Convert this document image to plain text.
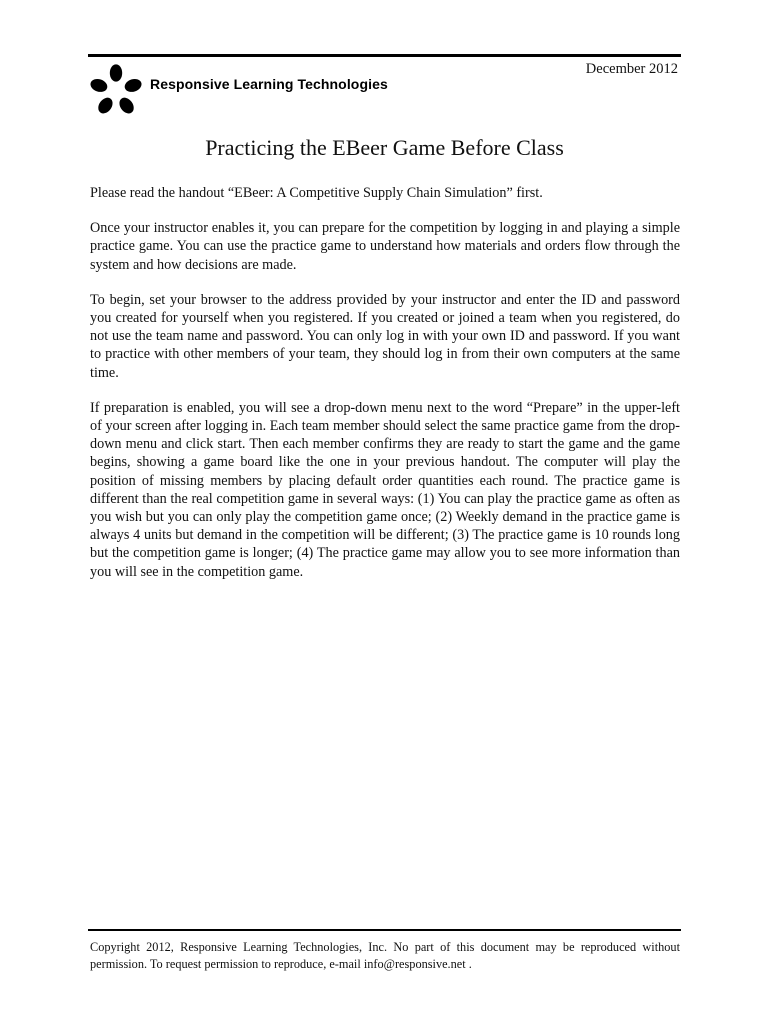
Responsive Learning Technologies
December 2012
Practicing the EBeer Game Before Class

Please read the handout “EBeer: A Competitive Supply Chain Simulation” first.

Once your instructor enables it, you can prepare for the competition by logging in and playing a simple practice game. You can use the practice game to understand how materials and orders flow through the system and how decisions are made.

To begin, set your browser to the address provided by your instructor and enter the ID and password you created for yourself when you registered. If you created or joined a team when you registered, do not use the team name and password. You can only log in with your own ID and password. If you want to practice with other members of your team, they should log in from their own computers at the same time.

If preparation is enabled, you will see a drop-down menu next to the word “Prepare” in the upper-left of your screen after logging in. Each team member should select the same practice game from the drop-down menu and click start. Then each member confirms they are ready to start the game and the game begins, showing a game board like the one in your previous handout. The computer will play the position of missing members by placing default order quantities each round. The practice game is different than the real competition game in several ways: (1) You can play the practice game as often as you wish but you can only play the competition game once; (2) Weekly demand in the practice game is always 4 units but demand in the competition will be different; (3) The practice game is 10 rounds long but the competition game is longer; (4) The practice game may allow you to see more information than you will see in the competition game.

Copyright 2012, Responsive Learning Technologies, Inc. No part of this document may be reproduced without permission. To request permission to reproduce, e-mail info@responsive.net .
